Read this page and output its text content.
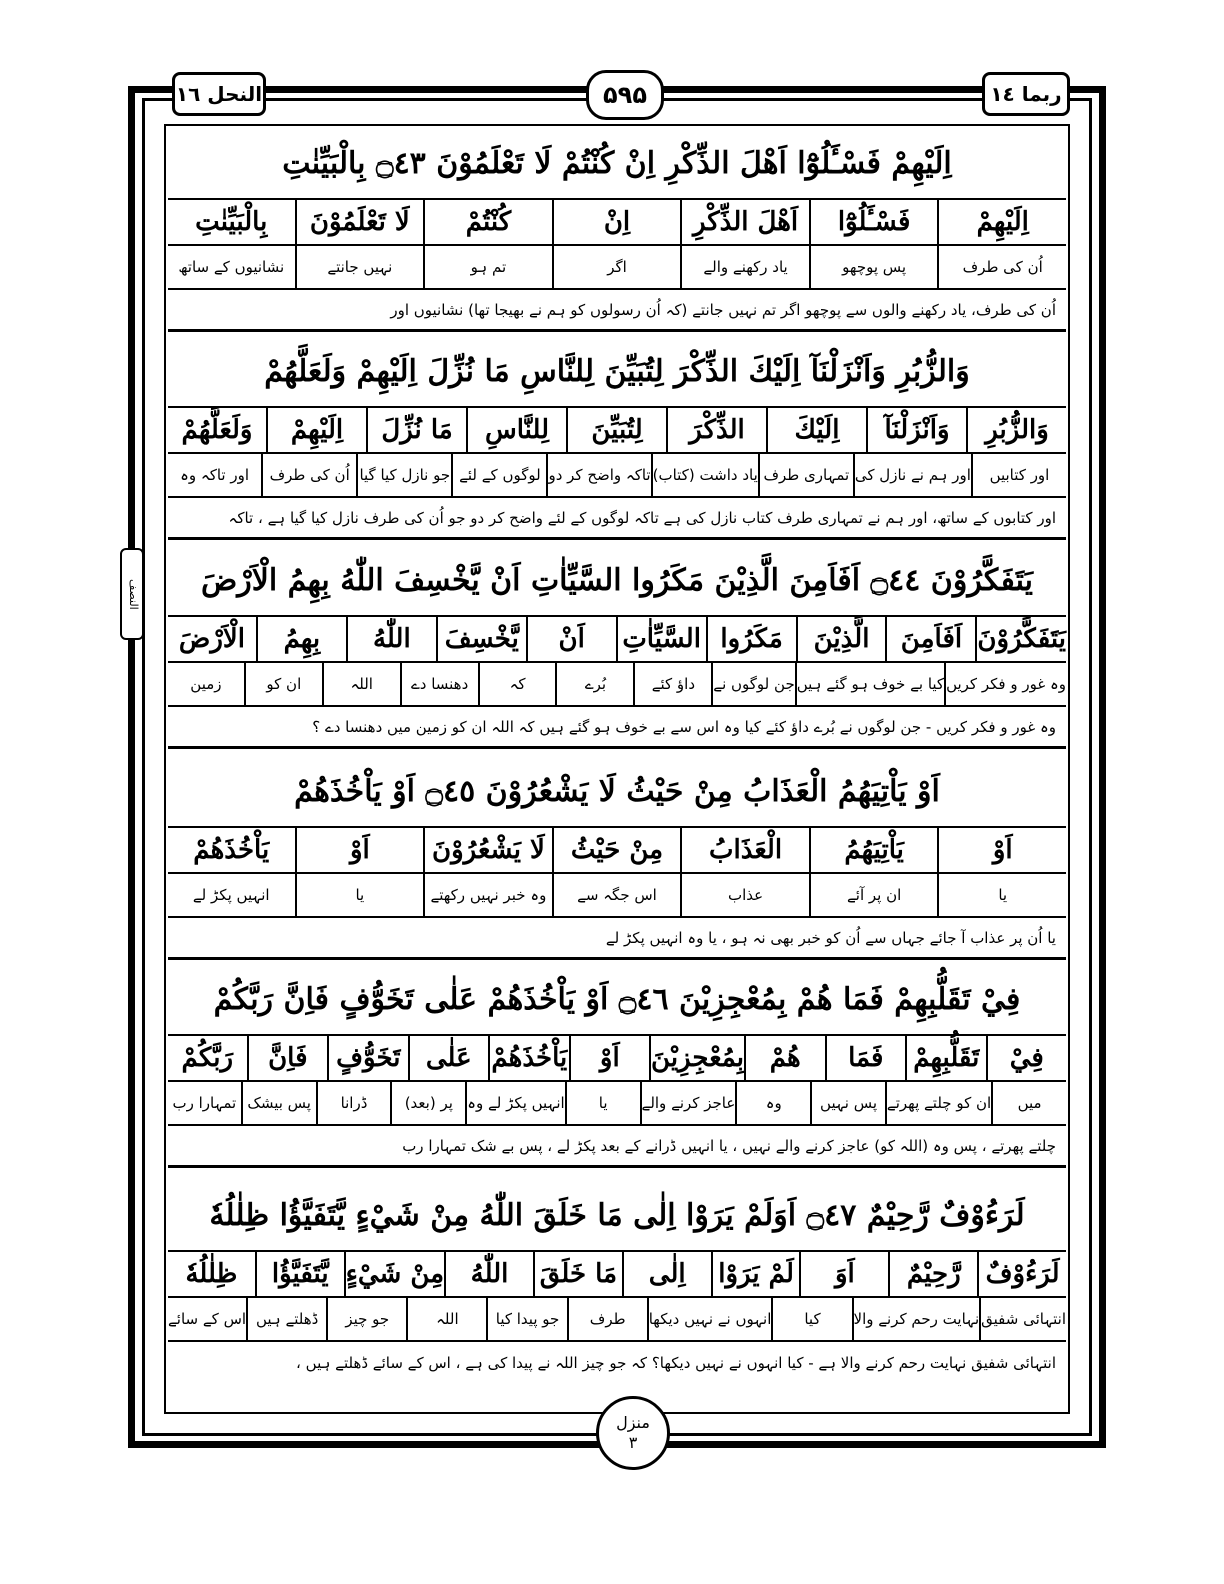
النحل ١٦	۵۹۵	ربما ١٤
النصف
اِلَيْهِمْ فَسْـَٔلُوْٓا اَهْلَ الذِّكْرِ اِنْ كُنْتُمْ لَا تَعْلَمُوْنَ ۝٤٣ بِالْبَيِّنٰتِ
اِلَيْهِمْ
فَسْـَٔلُوْٓا
اَهْلَ الذِّكْرِ
اِنْ
كُنْتُمْ
لَا تَعْلَمُوْنَ
بِالْبَيِّنٰتِ
اُن کی طرف
پس پوچھو
یاد رکھنے والے
اگر
تم ہو
نہیں جانتے
نشانیوں کے ساتھ
اُن کی طرف، یاد رکھنے والوں سے پوچھو اگر تم نہیں جانتے (کہ اُن رسولوں کو ہم نے بھیجا تھا) نشانیوں اور
وَالزُّبُرِ وَاَنْزَلْنَآ اِلَيْكَ الذِّكْرَ لِتُبَيِّنَ لِلنَّاسِ مَا نُزِّلَ اِلَيْهِمْ وَلَعَلَّهُمْ
وَالزُّبُرِ
وَاَنْزَلْنَآ
اِلَيْكَ
الذِّكْرَ
لِتُبَيِّنَ
لِلنَّاسِ
مَا نُزِّلَ
اِلَيْهِمْ
وَلَعَلَّهُمْ
اور کتابیں
اور ہم نے نازل کی
تمہاری طرف
یاد داشت (کتاب)
تاکہ واضح کر دو
لوگوں کے لئے
جو نازل کیا گیا
اُن کی طرف
اور تاکہ وہ
اور کتابوں کے ساتھ، اور ہم نے تمہاری طرف کتاب نازل کی ہے تاکہ لوگوں کے لئے واضح کر دو جو اُن کی طرف نازل کیا گیا ہے ، تاکہ
يَتَفَكَّرُوْنَ ۝٤٤ اَفَاَمِنَ الَّذِيْنَ مَكَرُوا السَّيِّاٰتِ اَنْ يَّخْسِفَ اللّٰهُ بِهِمُ الْاَرْضَ
يَتَفَكَّرُوْنَ
اَفَاَمِنَ
الَّذِيْنَ
مَكَرُوا
السَّيِّاٰتِ
اَنْ
يَّخْسِفَ
اللّٰهُ
بِهِمُ
الْاَرْضَ
وہ غور و فکر کریں
کیا بے خوف ہو گئے ہیں
جن لوگوں نے
داؤ کئے
بُرے
کہ
دھنسا دے
اللہ
ان کو
زمین
وہ غور و فکر کریں - جن لوگوں نے بُرے داؤ کئے کیا وہ اس سے بے خوف ہو گئے ہیں کہ اللہ ان کو زمین میں دھنسا دے ؟
اَوْ يَاْتِيَهُمُ الْعَذَابُ مِنْ حَيْثُ لَا يَشْعُرُوْنَ ۝٤٥ اَوْ يَاْخُذَهُمْ
اَوْ
يَاْتِيَهُمُ
الْعَذَابُ
مِنْ حَيْثُ
لَا يَشْعُرُوْنَ
اَوْ
يَاْخُذَهُمْ
یا
ان پر آئے
عذاب
اس جگہ سے
وہ خبر نہیں رکھتے
یا
انہیں پکڑ لے
یا اُن پر عذاب آ جائے جہاں سے اُن کو خبر بھی نہ ہو ، یا وہ انہیں پکڑ لے
فِيْ تَقَلُّبِهِمْ فَمَا هُمْ بِمُعْجِزِيْنَ ۝٤٦ اَوْ يَاْخُذَهُمْ عَلٰى تَخَوُّفٍ فَاِنَّ رَبَّكُمْ
فِيْ
تَقَلُّبِهِمْ
فَمَا
هُمْ
بِمُعْجِزِيْنَ
اَوْ
يَاْخُذَهُمْ
عَلٰى
تَخَوُّفٍ
فَاِنَّ
رَبَّكُمْ
میں
ان کو چلتے پھرتے
پس نہیں
وہ
عاجز کرنے والے
یا
انہیں پکڑ لے وہ
پر (بعد)
ڈرانا
پس بیشک
تمہارا رب
چلتے پھرتے ، پس وہ (اللہ کو) عاجز کرنے والے نہیں ، یا انہیں ڈرانے کے بعد پکڑ لے ، پس بے شک تمہارا رب
لَرَءُوْفٌ رَّحِيْمٌ ۝٤٧ اَوَلَمْ يَرَوْا اِلٰى مَا خَلَقَ اللّٰهُ مِنْ شَيْءٍ يَّتَفَيَّؤُا ظِلٰلُهٗ
لَرَءُوْفٌ
رَّحِيْمٌ
اَوَ
لَمْ يَرَوْا
اِلٰى
مَا خَلَقَ
اللّٰهُ
مِنْ شَيْءٍ
يَّتَفَيَّؤُا
ظِلٰلُهٗ
انتہائی شفیق
نہایت رحم کرنے والا
کیا
انہوں نے نہیں دیکھا
طرف
جو پیدا کیا
اللہ
جو چیز
ڈھلتے ہیں
اس کے سائے
انتہائی شفیق نہایت رحم کرنے والا ہے - کیا انہوں نے نہیں دیکھا؟ کہ جو چیز اللہ نے پیدا کی ہے ، اس کے سائے ڈھلتے ہیں ،
منزل
٣
